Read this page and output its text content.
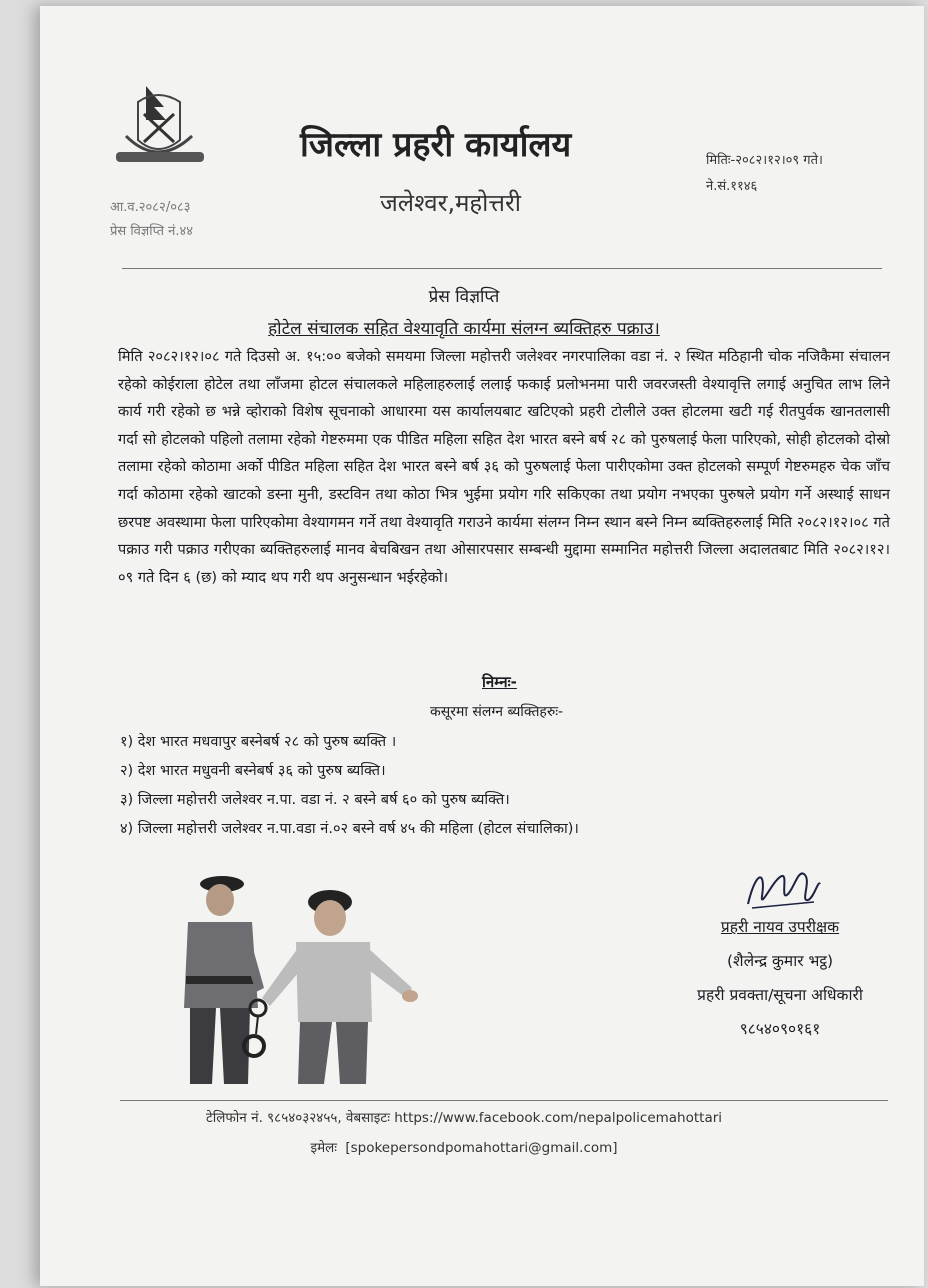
आ.व.२०८२/०८३
प्रेस विज्ञप्ति नं.४४
जिल्ला प्रहरी कार्यालय
जलेश्वर,महोत्तरी
मितिः-२०८२।१२।०९ गते।
ने.सं.११४६
प्रेस विज्ञप्ति
होटेल संचालक सहित वेश्यावृति कार्यमा संलग्न ब्यक्तिहरु पक्राउ।
मिति २०८२।१२।०८ गते दिउसो अ. १५:०० बजेको समयमा जिल्ला महोत्तरी जलेश्वर नगरपालिका वडा नं. २ स्थित मठिहानी चोक नजिकैमा संचालन रहेको कोईराला होटेल तथा लाँजमा होटल संचालकले महिलाहरुलाई ललाई फकाई प्रलोभनमा पारी जवरजस्ती वेश्यावृत्ति लगाई अनुचित लाभ लिने कार्य गरी रहेको छ भन्ने व्होराको विशेष सूचनाको आधारमा यस कार्यालयबाट खटिएको प्रहरी टोलीले उक्त होटलमा खटी गई रीतपुर्वक खानतलासी गर्दा सो होटलको पहिलो तलामा रहेको गेष्टरुममा एक पीडित महिला सहित देश भारत बस्ने बर्ष २८ को पुरुषलाई फेला पारिएको, सोही होटलको दोस्रो तलामा रहेको कोठामा अर्को पीडित महिला सहित देश भारत बस्ने बर्ष ३६ को पुरुषलाई फेला पारीएकोमा उक्त होटलको सम्पूर्ण गेष्टरुमहरु चेक जाँच गर्दा कोठामा रहेको खाटको डस्ना मुनी, डस्टविन तथा कोठा भित्र भुईमा प्रयोग गरि सकिएका तथा प्रयोग नभएका पुरुषले प्रयोग गर्ने अस्थाई साधन छरपष्ट अवस्थामा फेला पारिएकोमा वेश्यागमन गर्ने तथा वेश्यावृति गराउने कार्यमा संलग्न निम्न स्थान बस्ने निम्न ब्यक्तिहरुलाई मिति २०८२।१२।०८ गते पक्राउ गरी पक्राउ गरीएका ब्यक्तिहरुलाई मानव बेचबिखन तथा ओसारपसार सम्बन्धी मुद्दामा सम्मानित महोत्तरी जिल्ला अदालतबाट मिति २०८२।१२।०९ गते दिन ६ (छ) को म्याद थप गरी थप अनुसन्धान भईरहेको।
निम्नः-
कसूरमा संलग्न ब्यक्तिहरुः-
१) देश भारत मधवापुर बस्नेबर्ष २८ को पुरुष ब्यक्ति ।
२) देश भारत मधुवनी बस्नेबर्ष ३६ को पुरुष ब्यक्ति।
३) जिल्ला महोत्तरी जलेश्वर न.पा. वडा नं. २ बस्ने बर्ष ६० को पुरुष ब्यक्ति।
४) जिल्ला महोत्तरी जलेश्वर न.पा.वडा नं.०२ बस्ने वर्ष ४५ की महिला (होटल संचालिका)।
प्रहरी नायव उपरीक्षक
(शैलेन्द्र कुमार भट्ठ)
प्रहरी प्रवक्ता/सूचना अधिकारी
९८५४०९०१६१
टेलिफोन नं. ९८५४०३२४५५, वेबसाइटः https://www.facebook.com/nepalpolicemahottari
इमेलः [spokepersondpomahottari@gmail.com]
